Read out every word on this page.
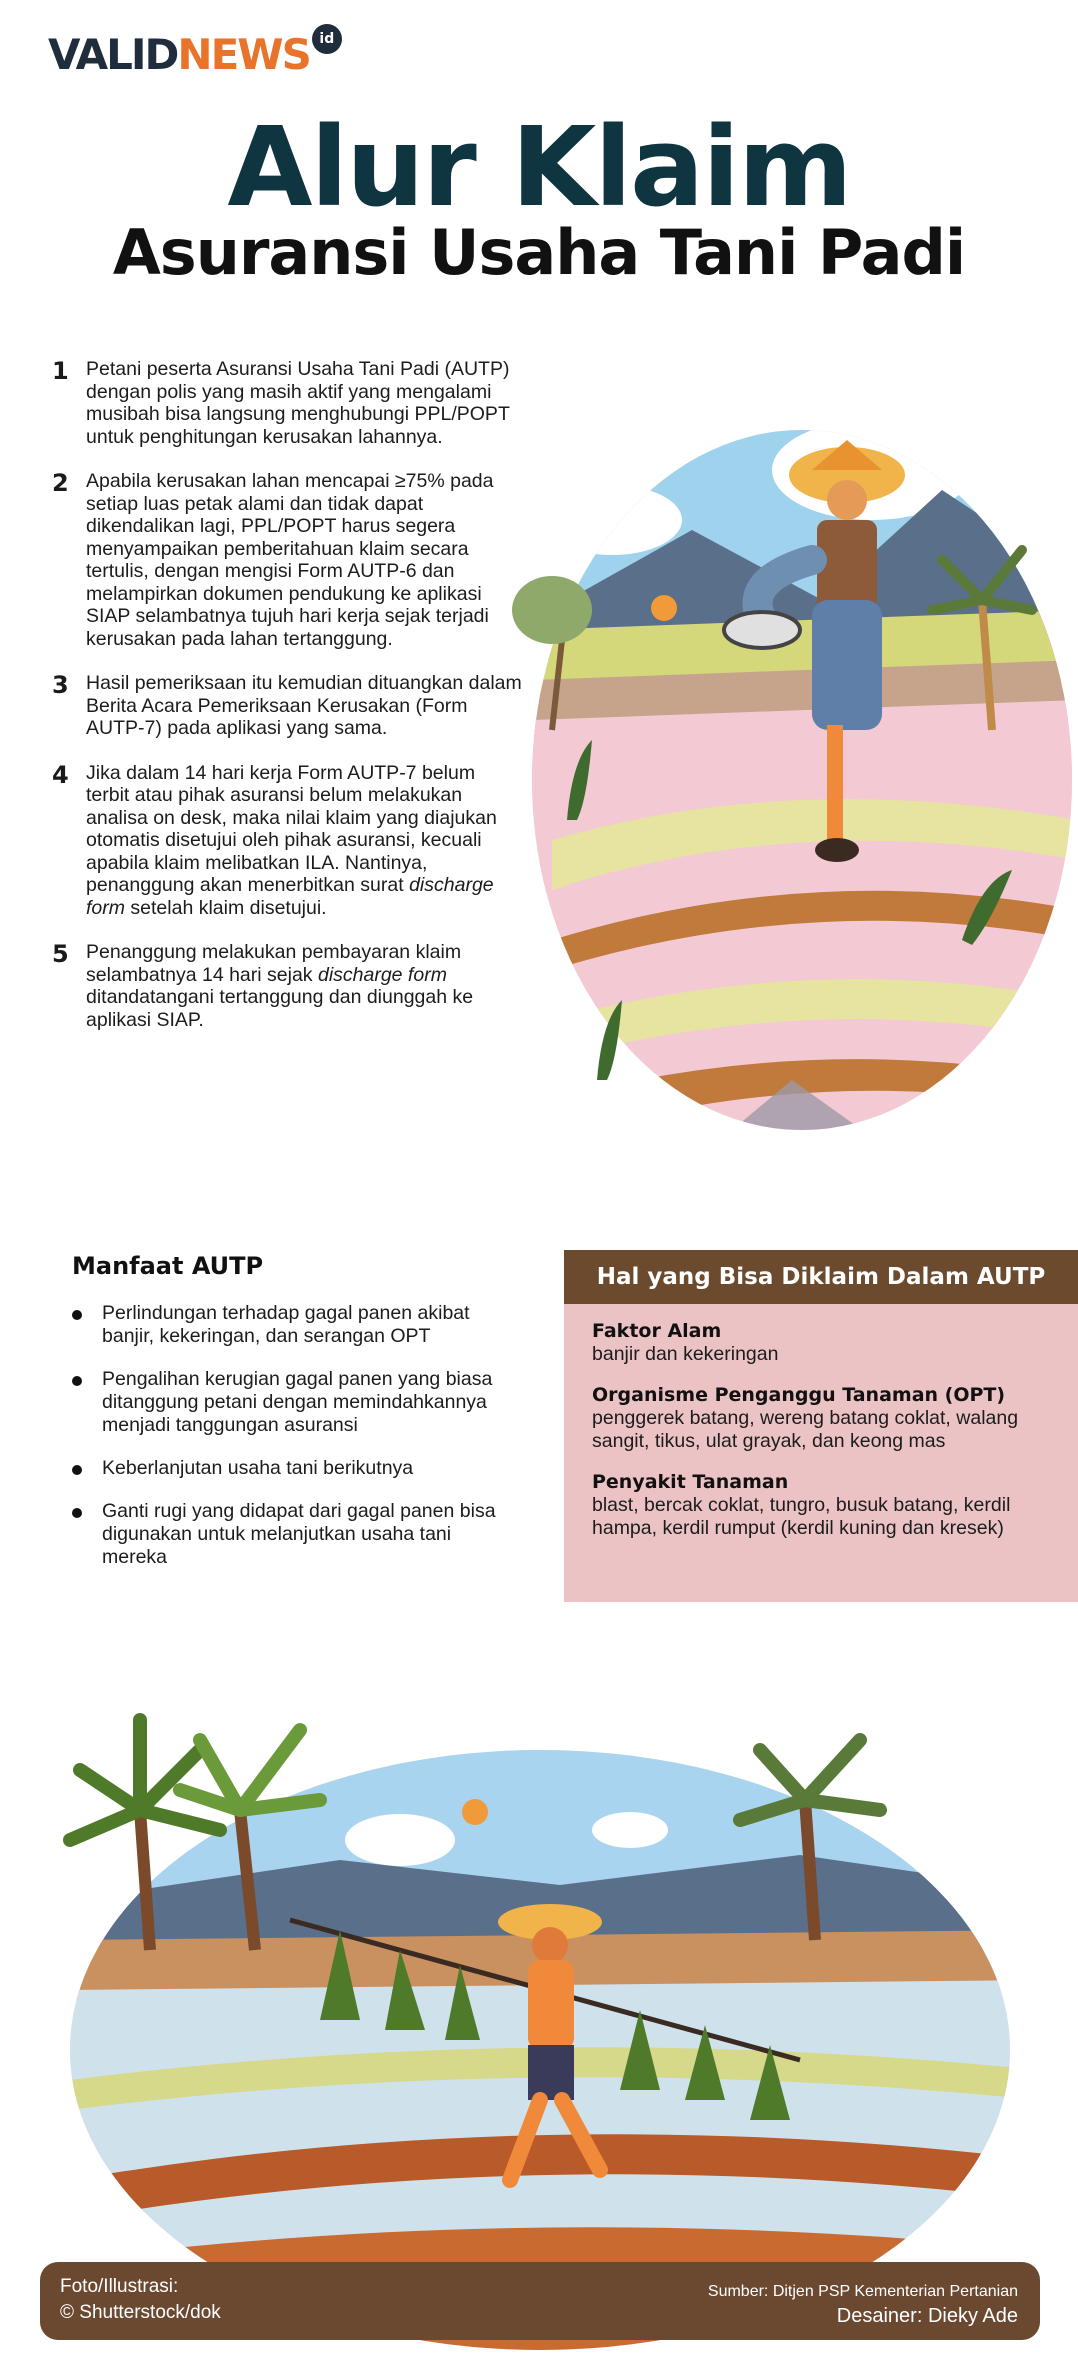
VALID NEWS id
Alur Klaim
Asuransi Usaha Tani Padi
1 Petani peserta Asuransi Usaha Tani Padi (AUTP) dengan polis yang masih aktif yang mengalami musibah bisa langsung menghubungi PPL/POPT untuk penghitungan kerusakan lahannya.
2 Apabila kerusakan lahan mencapai ≥75% pada setiap luas petak alami dan tidak dapat dikendalikan lagi, PPL/POPT harus segera menyampaikan pemberitahuan klaim secara tertulis, dengan mengisi Form AUTP-6 dan melampirkan dokumen pendukung ke aplikasi SIAP selambatnya tujuh hari kerja sejak terjadi kerusakan pada lahan tertanggung.
3 Hasil pemeriksaan itu kemudian dituangkan dalam Berita Acara Pemeriksaan Kerusakan (Form AUTP-7) pada aplikasi yang sama.
4 Jika dalam 14 hari kerja Form AUTP-7 belum terbit atau pihak asuransi belum melakukan analisa on desk, maka nilai klaim yang diajukan otomatis disetujui oleh pihak asuransi, kecuali apabila klaim melibatkan ILA. Nantinya, penanggung akan menerbitkan surat discharge form setelah klaim disetujui.
5 Penanggung melakukan pembayaran klaim selambatnya 14 hari sejak discharge form ditandatangani tertanggung dan diunggah ke aplikasi SIAP.
Manfaat AUTP
Perlindungan terhadap gagal panen akibat banjir, kekeringan, dan serangan OPT
Pengalihan kerugian gagal panen yang biasa ditanggung petani dengan memindahkannya menjadi tanggungan asuransi
Keberlanjutan usaha tani berikutnya
Ganti rugi yang didapat dari gagal panen bisa digunakan untuk melanjutkan usaha tani mereka
Hal yang Bisa Diklaim Dalam AUTP
Faktor Alam

banjir dan kekeringan

Organisme Penganggu Tanaman (OPT)

penggerek batang, wereng batang coklat, walang sangit, tikus, ulat grayak, dan keong mas

Penyakit Tanaman

blast, bercak coklat, tungro, busuk batang, kerdil hampa, kerdil rumput (kerdil kuning dan kresek)

Foto/Illustrasi:
© Shutterstock/dok
Sumber: Ditjen PSP Kementerian Pertanian
Desainer: Dieky Ade
